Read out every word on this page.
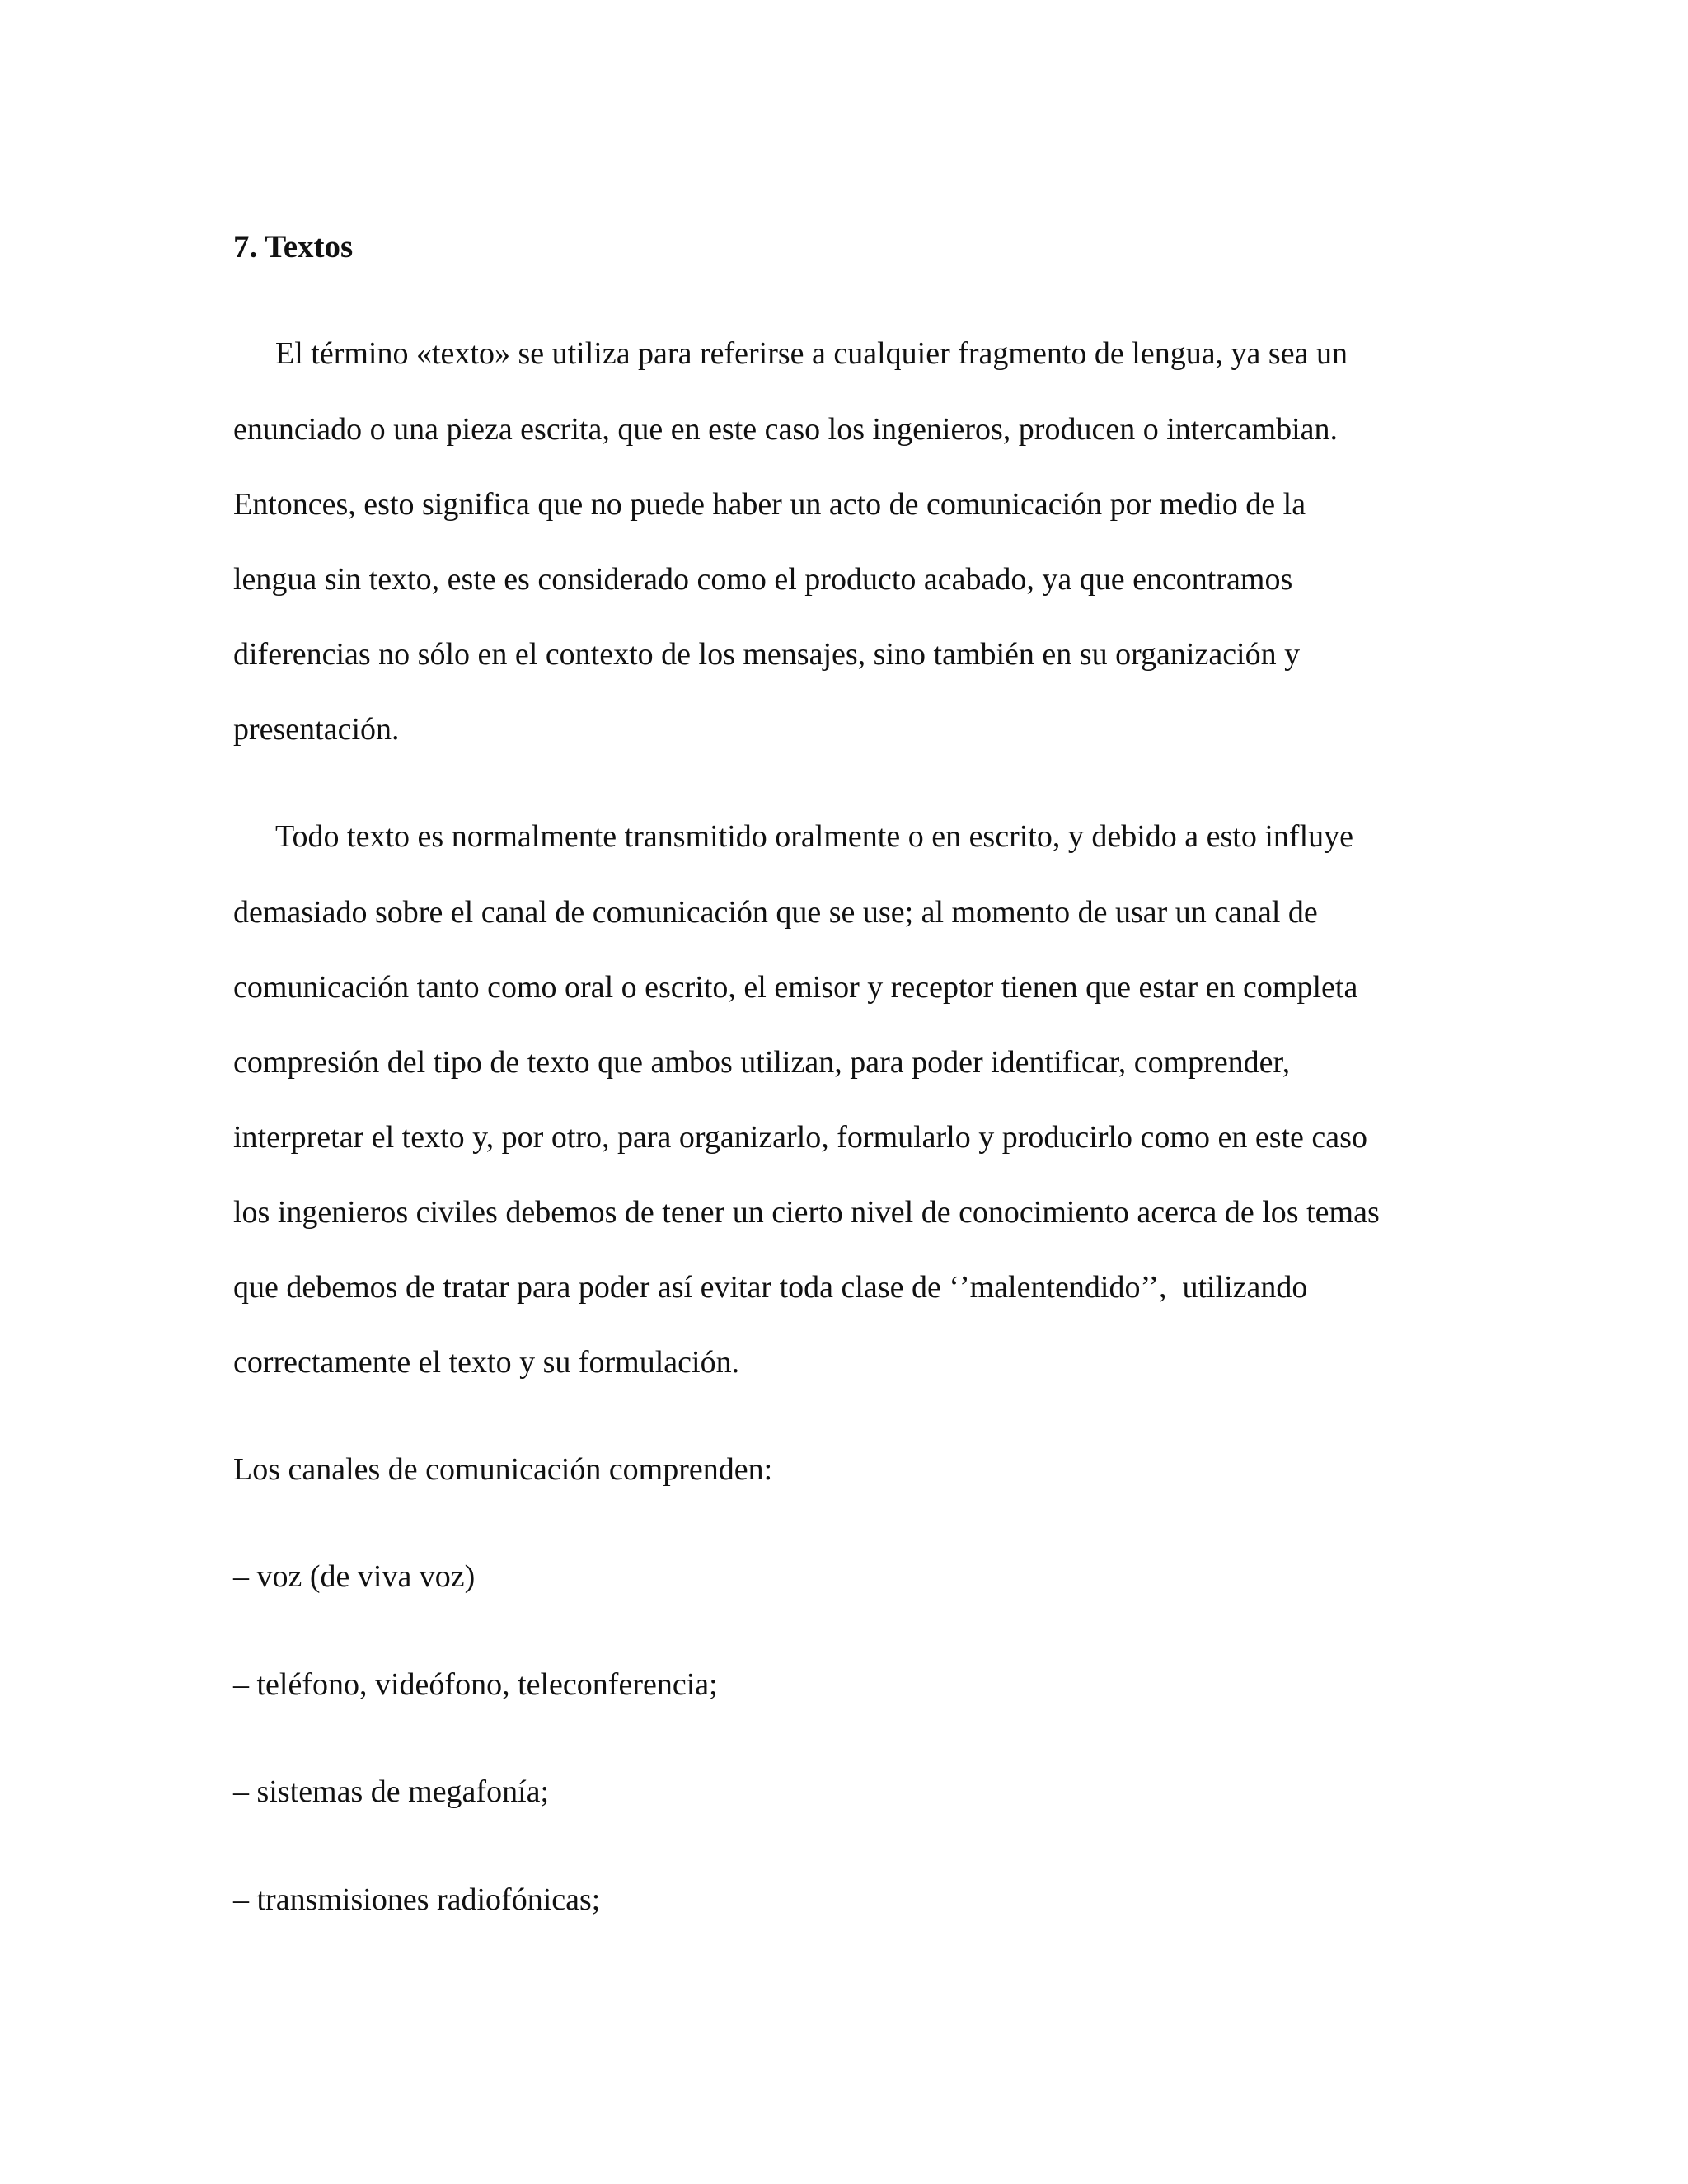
7. Textos

El término «texto» se utiliza para referirse a cualquier fragmento de lengua, ya sea un

enunciado o una pieza escrita, que en este caso los ingenieros, producen o intercambian.

Entonces, esto significa que no puede haber un acto de comunicación por medio de la

lengua sin texto, este es considerado como el producto acabado, ya que encontramos

diferencias no sólo en el contexto de los mensajes, sino también en su organización y

presentación.

Todo texto es normalmente transmitido oralmente o en escrito, y debido a esto influye

demasiado sobre el canal de comunicación que se use; al momento de usar un canal de

comunicación tanto como oral o escrito, el emisor y receptor tienen que estar en completa

compresión del tipo de texto que ambos utilizan, para poder identificar, comprender,

interpretar el texto y, por otro, para organizarlo, formularlo y producirlo como en este caso

los ingenieros civiles debemos de tener un cierto nivel de conocimiento acerca de los temas

que debemos de tratar para poder así evitar toda clase de ‘’malentendido’’,  utilizando

correctamente el texto y su formulación.

Los canales de comunicación comprenden:

– voz (de viva voz)

– teléfono, videófono, teleconferencia;

– sistemas de megafonía;

– transmisiones radiofónicas;
